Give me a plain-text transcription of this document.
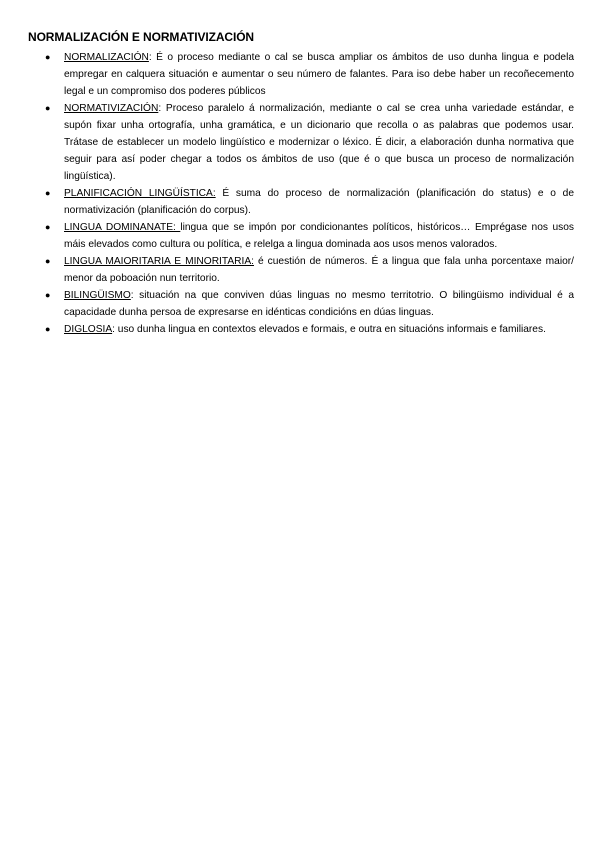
NORMALIZACIÓN E NORMATIVIZACIÓN
● NORMALIZACIÓN: É o proceso mediante o cal se busca ampliar os ámbitos de uso dunha lingua e podela empregar en calquera situación e aumentar o seu número de falantes. Para iso debe haber un recoñecemento legal e un compromiso dos poderes públicos
● NORMATIVIZACIÓN: Proceso paralelo á normalización, mediante o cal se crea unha variedade estándar, e supón fixar unha ortografía, unha gramática, e un dicionario que recolla o as palabras que podemos usar. Trátase de establecer un modelo lingüístico e modernizar o léxico. É dicir, a elaboración dunha normativa que seguir para así poder chegar a todos os ámbitos de uso (que é o que busca un proceso de normalización lingüística).
● PLANIFICACIÓN LINGÜÍSTICA: É suma do proceso de normalización (planificación do status) e o de normativización (planificación do corpus).
● LINGUA DOMINANATE: lingua que se impón por condicionantes políticos, históricos… Emprégase nos usos máis elevados como cultura ou política, e relelga a lingua dominada aos usos menos valorados.
● LINGUA MAIORITARIA E MINORITARIA: é cuestión de números. É a lingua que fala unha porcentaxe maior/ menor da poboación nun territorio.
● BILINGÜISMO: situación na que conviven dúas linguas no mesmo territotrio. O bilingüismo individual é a capacidade dunha persoa de expresarse en idénticas condicións en dúas linguas.
● DIGLOSIA: uso dunha lingua en contextos elevados e formais, e outra en situacións informais e familiares.
